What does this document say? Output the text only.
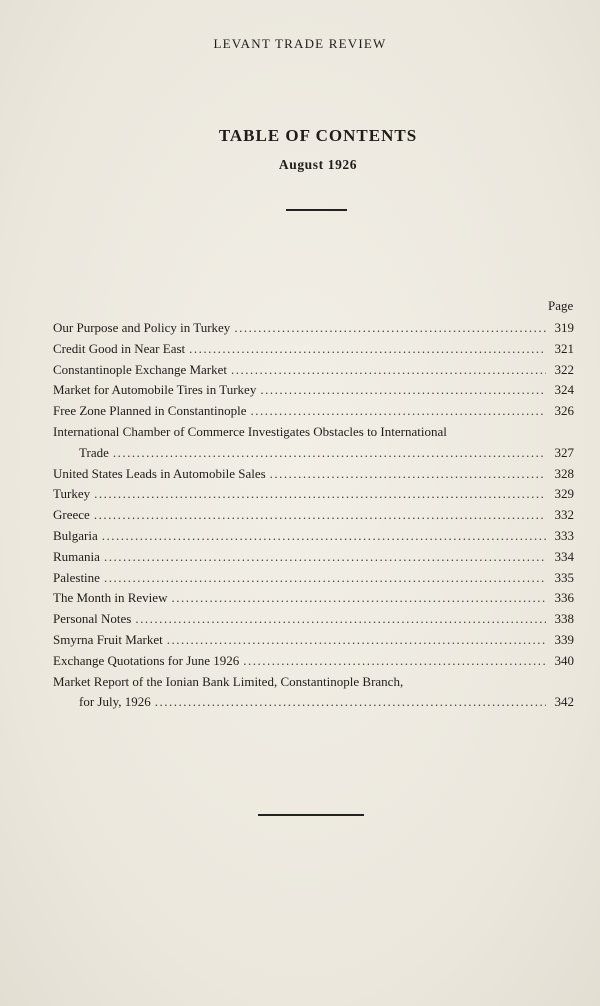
LEVANT TRADE REVIEW
TABLE OF CONTENTS
August 1926
Page
Our Purpose and Policy in Turkey .....	319
Credit Good in Near East .....	321
Constantinople Exchange Market .....	322
Market for Automobile Tires in Turkey .....	324
Free Zone Planned in Constantinople .....	326
International Chamber of Commerce Investigates Obstacles to International
Trade .....	327
United States Leads in Automobile Sales .....	328
Turkey .....	329
Greece .....	332
Bulgaria .....	333
Rumania .....	334
Palestine .....	335
The Month in Review .....	336
Personal Notes .....	338
Smyrna Fruit Market .....	339
Exchange Quotations for June 1926 .....	340
Market Report of the Ionian Bank Limited, Constantinople Branch,
for July, 1926 .....	342
